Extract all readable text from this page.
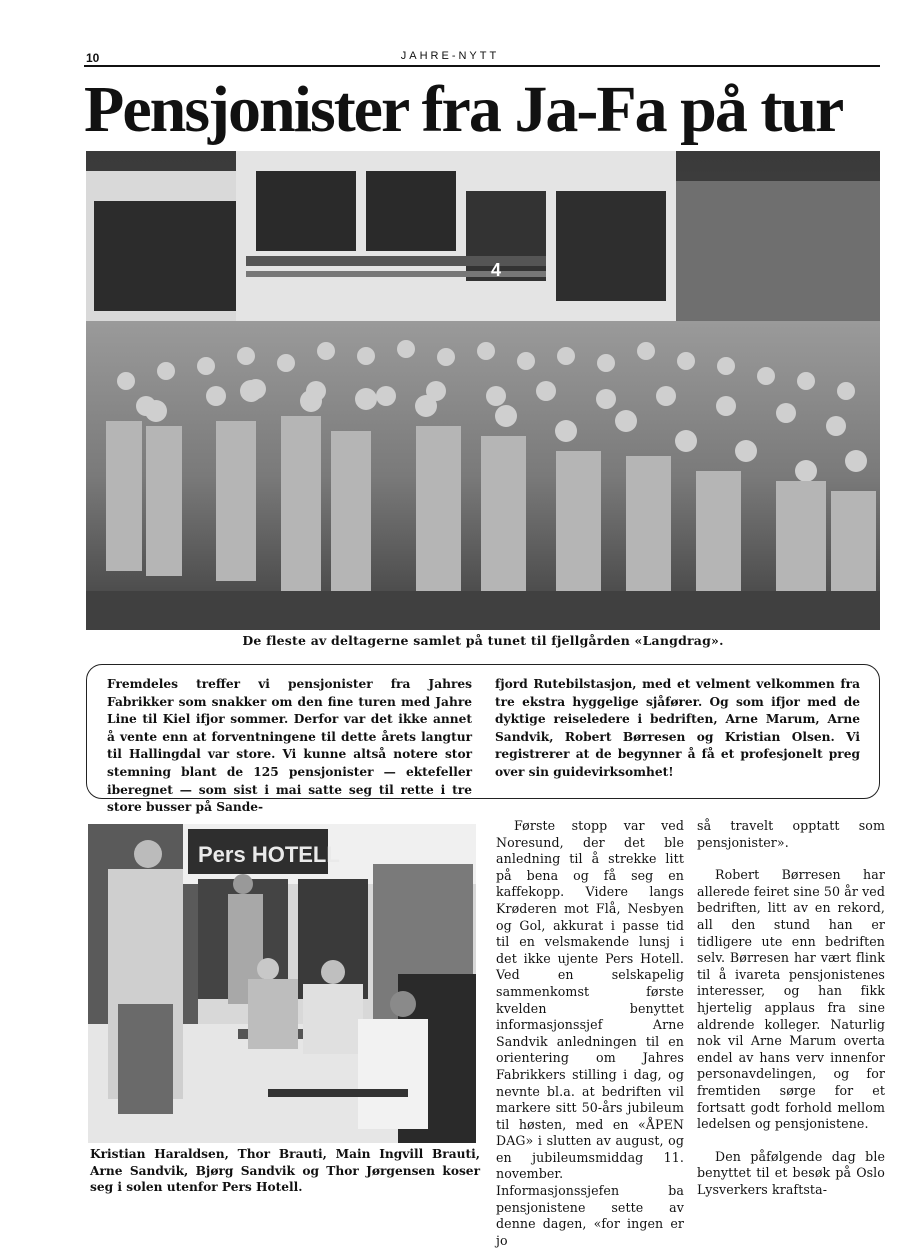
10	JAHRE-NYTT
Pensjonister fra Ja-Fa på tur
4
De fleste av deltagerne samlet på tunet til fjellgården «Langdrag».
Fremdeles treffer vi pensjonister fra Jahres Fabrikker som snakker om den fine turen med Jahre Line til Kiel ifjor sommer. Derfor var det ikke annet å vente enn at forventningene til dette årets langtur til Hallingdal var store. Vi kunne altså notere stor stemning blant de 125 pensjonister — ektefeller iberegnet — som sist i mai satte seg til rette i tre store busser på Sande-
fjord Rutebilstasjon, med et velment velkommen fra tre ekstra hyggelige sjåfører. Og som ifjor med de dyktige reiseledere i bedriften, Arne Marum, Arne Sandvik, Robert Børresen og Kristian Olsen. Vi registrerer at de begynner å få et profesjonelt preg over sin guidevirksomhet!
Pers HOTELL
Kristian Haraldsen, Thor Brauti, Main Ingvill Brauti, Arne Sandvik, Bjørg Sandvik og Thor Jørgensen koser seg i solen utenfor Pers Hotell.

Første stopp var ved Noresund, der det ble anledning til å strekke litt på bena og få seg en kaffekopp. Videre langs Krøderen mot Flå, Nesbyen og Gol, akkurat i passe tid til en velsmakende lunsj i det ikke ujente Pers Hotell. Ved en selskapelig sammenkomst første kvelden benyttet informasjonssjef Arne Sandvik anledningen til en orientering om Jahres Fabrikkers stilling i dag, og nevnte bl.a. at bedriften vil markere sitt 50-års jubileum til høsten, med en «ÅPEN DAG» i slutten av august, og en jubileumsmiddag 11. november. Informasjonssjefen ba pensjonistene sette av denne dagen, «for ingen er jo

så travelt opptatt som pensjonister».

Robert Børresen har allerede feiret sine 50 år ved bedriften, litt av en rekord, all den stund han er tidligere ute enn bedriften selv. Børresen har vært flink til å ivareta pensjonistenes interesser, og han fikk hjertelig applaus fra sine aldrende kolleger. Naturlig nok vil Arne Marum overta endel av hans verv innenfor personavdelingen, og for fremtiden sørge for et fortsatt godt forhold mellom ledelsen og pensjonistene.

Den påfølgende dag ble benyttet til et besøk på Oslo Lysverkers kraftsta-
